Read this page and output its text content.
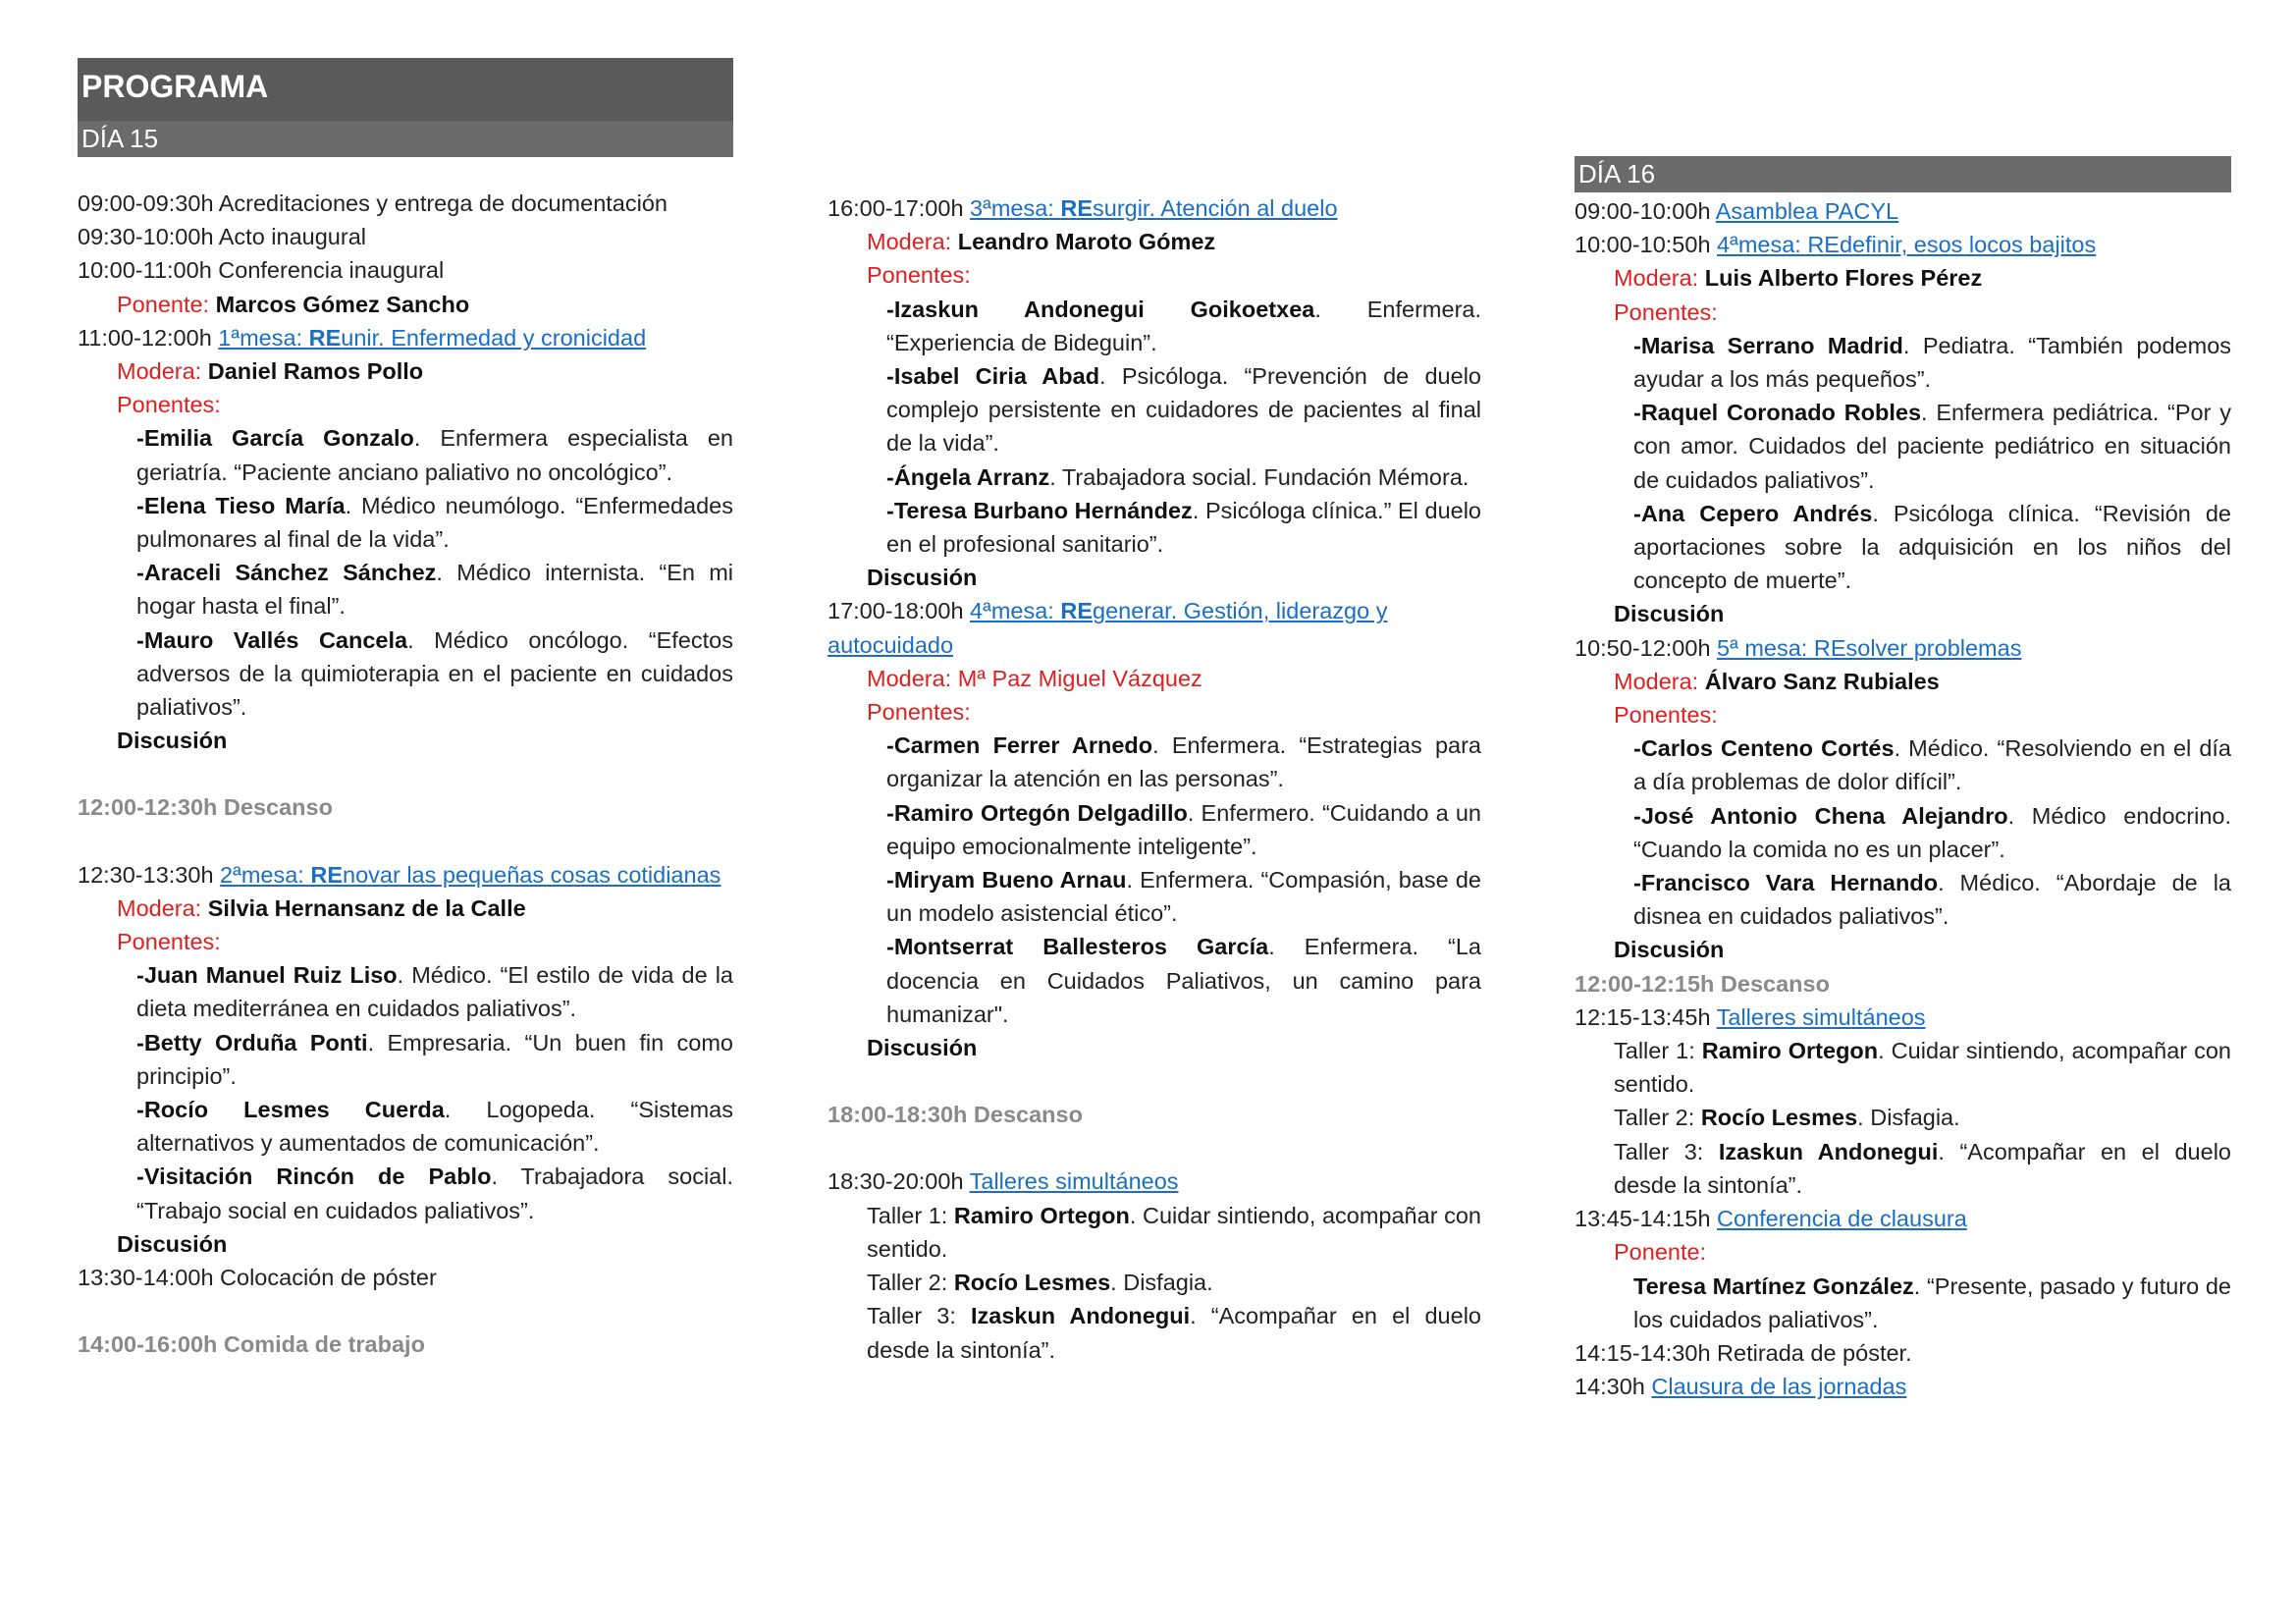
PROGRAMA
DÍA 15
09:00-09:30h Acreditaciones y entrega de documentación
09:30-10:00h Acto inaugural
10:00-11:00h Conferencia inaugural
Ponente: Marcos Gómez Sancho
11:00-12:00h 1ªmesa: REunir. Enfermedad y cronicidad
Modera: Daniel Ramos Pollo
Ponentes:
-Emilia García Gonzalo. Enfermera especialista en geriatría. “Paciente anciano paliativo no oncológico”.
-Elena Tieso María. Médico neumólogo. “Enfermedades pulmonares al final de la vida”.
-Araceli Sánchez Sánchez. Médico internista. “En mi hogar hasta el final”.
-Mauro Vallés Cancela. Médico oncólogo. “Efectos adversos de la quimioterapia en el paciente en cuidados paliativos”.
Discusión
12:00-12:30h Descanso
12:30-13:30h 2ªmesa: REnovar las pequeñas cosas cotidianas
Modera: Silvia Hernansanz de la Calle
Ponentes:
-Juan Manuel Ruiz Liso. Médico. “El estilo de vida de la dieta mediterránea en cuidados paliativos”.
-Betty Orduña Ponti. Empresaria. “Un buen fin como principio”.
-Rocío Lesmes Cuerda. Logopeda. “Sistemas alternativos y aumentados de comunicación”.
-Visitación Rincón de Pablo. Trabajadora social. “Trabajo social en cuidados paliativos”.
Discusión
13:30-14:00h Colocación de póster
14:00-16:00h Comida de trabajo
16:00-17:00h 3ªmesa: REsurgir. Atención al duelo
Modera: Leandro Maroto Gómez
Ponentes:
-Izaskun Andonegui Goikoetxea. Enfermera. “Experiencia de Bideguin”.
-Isabel Ciria Abad. Psicóloga. “Prevención de duelo complejo persistente en cuidadores de pacientes al final de la vida”.
-Ángela Arranz. Trabajadora social. Fundación Mémora.
-Teresa Burbano Hernández. Psicóloga clínica.” El duelo en el profesional sanitario”.
Discusión
17:00-18:00h 4ªmesa: REgenerar. Gestión, liderazgo y autocuidado
Modera: Mª Paz Miguel Vázquez
Ponentes:
-Carmen Ferrer Arnedo. Enfermera. “Estrategias para organizar la atención en las personas”.
-Ramiro Ortegón Delgadillo. Enfermero. “Cuidando a un equipo emocionalmente inteligente”.
-Miryam Bueno Arnau. Enfermera. “Compasión, base de un modelo asistencial ético”.
-Montserrat Ballesteros García. Enfermera. “La docencia en Cuidados Paliativos, un camino para humanizar".
Discusión
18:00-18:30h Descanso
18:30-20:00h Talleres simultáneos
Taller 1: Ramiro Ortegon. Cuidar sintiendo, acompañar con sentido.
Taller 2: Rocío Lesmes. Disfagia.
Taller 3: Izaskun Andonegui. “Acompañar en el duelo desde la sintonía”.
DÍA 16
09:00-10:00h Asamblea PACYL
10:00-10:50h 4ªmesa: REdefinir, esos locos bajitos
Modera: Luis Alberto Flores Pérez
Ponentes:
-Marisa Serrano Madrid. Pediatra. “También podemos ayudar a los más pequeños”.
-Raquel Coronado Robles. Enfermera pediátrica. “Por y con amor. Cuidados del paciente pediátrico en situación de cuidados paliativos”.
-Ana Cepero Andrés. Psicóloga clínica. “Revisión de aportaciones sobre la adquisición en los niños del concepto de muerte”.
Discusión
10:50-12:00h 5ª mesa: REsolver problemas
Modera: Álvaro Sanz Rubiales
Ponentes:
-Carlos Centeno Cortés. Médico. “Resolviendo en el día a día problemas de dolor difícil”.
-José Antonio Chena Alejandro. Médico endocrino. “Cuando la comida no es un placer”.
-Francisco Vara Hernando. Médico. “Abordaje de la disnea en cuidados paliativos”.
Discusión
12:00-12:15h Descanso
12:15-13:45h Talleres simultáneos
Taller 1: Ramiro Ortegon. Cuidar sintiendo, acompañar con sentido.
Taller 2: Rocío Lesmes. Disfagia.
Taller 3: Izaskun Andonegui. “Acompañar en el duelo desde la sintonía”.
13:45-14:15h Conferencia de clausura
Ponente:
Teresa Martínez González. “Presente, pasado y futuro de los cuidados paliativos”.
14:15-14:30h Retirada de póster.
14:30h Clausura de las jornadas
